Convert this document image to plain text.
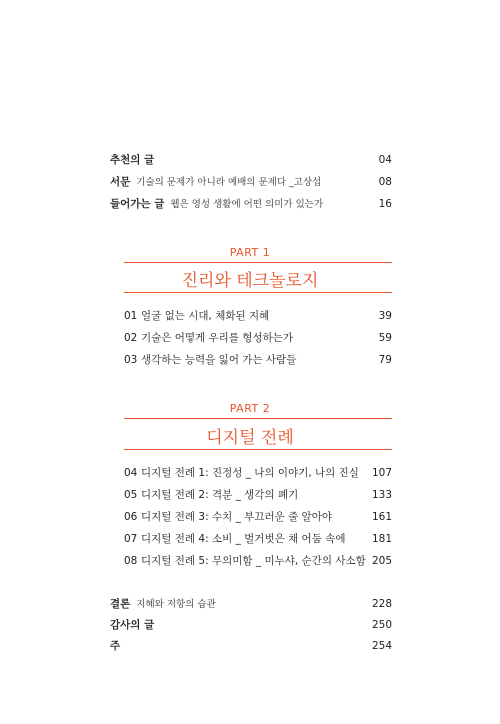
추천의 글	04
서문 기술의 문제가 아니라 예배의 문제다 _고상섭	08
들어가는 글 웹은 영성 생활에 어떤 의미가 있는가	16
PART 1
진리와 테크놀로지
01 얼굴 없는 시대, 체화된 지혜	39
02 기술은 어떻게 우리를 형성하는가	59
03 생각하는 능력을 잃어 가는 사람들	79
PART 2
디지털 전례
04 디지털 전례 1: 진정성 _ 나의 이야기, 나의 진실 107
05 디지털 전례 2: 격분 _ 생각의 폐기	133
06 디지털 전례 3: 수치 _ 부끄러운 줄 알아야	161
07 디지털 전례 4: 소비 _ 벌거벗은 채 어둠 속에	181
08 디지털 전례 5: 무의미함 _ 미누샤, 순간의 사소함 205
결론 지혜와 저항의 습관	228
감사의 글	250
주	254
